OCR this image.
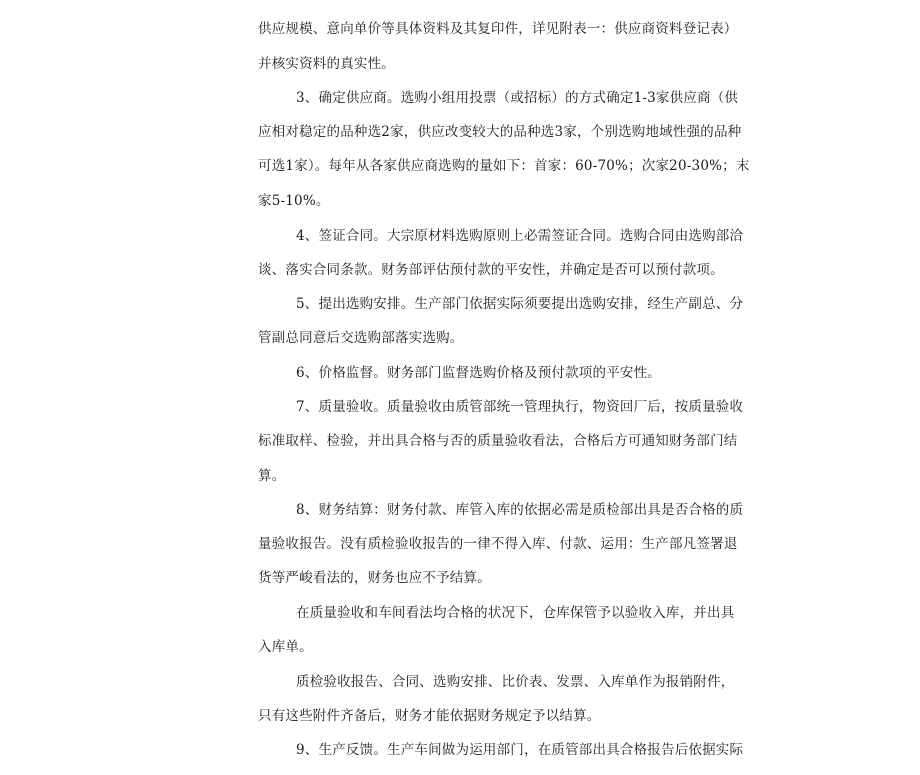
供应规模、意向单价等具体资料及其复印件，详见附表一：供应商资料登记表）
并核实资料的真实性。
3、确定供应商。选购小组用投票（或招标）的方式确定1-3家供应商（供
应相对稳定的品种选2家，供应改变较大的品种选3家，个别选购地域性强的品种
可选1家）。每年从各家供应商选购的量如下：首家：60-70%；次家20-30%；末
家5-10%。
4、签证合同。大宗原材料选购原则上必需签证合同。选购合同由选购部洽
谈、落实合同条款。财务部评估预付款的平安性，并确定是否可以预付款项。
5、提出选购安排。生产部门依据实际须要提出选购安排，经生产副总、分
管副总同意后交选购部落实选购。
6、价格监督。财务部门监督选购价格及预付款项的平安性。
7、质量验收。质量验收由质管部统一管理执行，物资回厂后，按质量验收
标准取样、检验，并出具合格与否的质量验收看法，合格后方可通知财务部门结
算。
8、财务结算：财务付款、库管入库的依据必需是质检部出具是否合格的质
量验收报告。没有质检验收报告的一律不得入库、付款、运用：生产部凡签署退
货等严峻看法的，财务也应不予结算。
在质量验收和车间看法均合格的状况下，仓库保管予以验收入库，并出具
入库单。
质检验收报告、合同、选购安排、比价表、发票、入库单作为报销附件，
只有这些附件齐备后，财务才能依据财务规定予以结算。
9、生产反馈。生产车间做为运用部门，在质管部出具合格报告后依据实际
